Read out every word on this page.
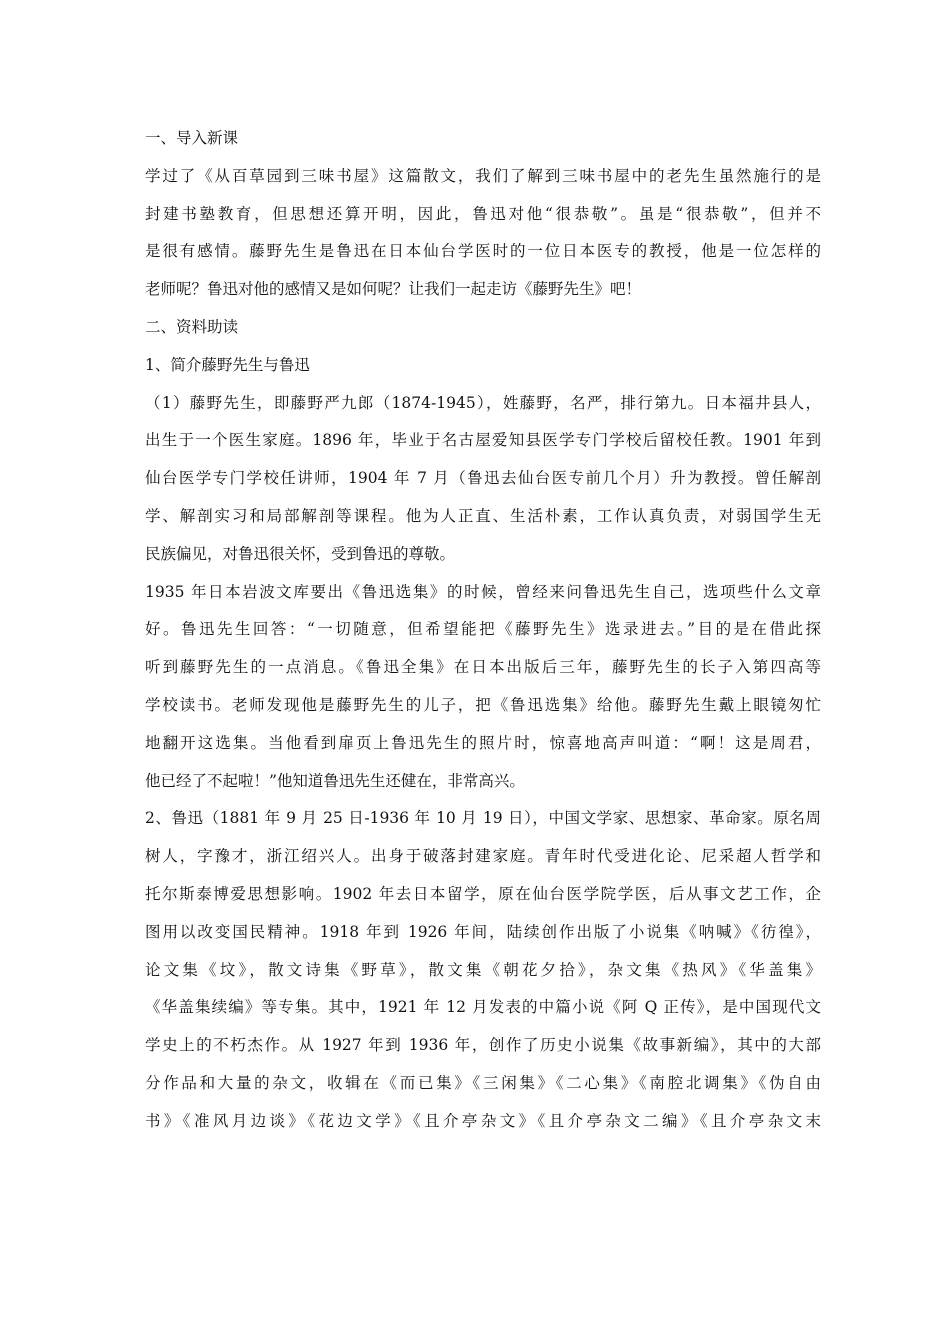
一、导入新课
学过了《从百草园到三味书屋》这篇散文，我们了解到三味书屋中的老先生虽然施行的是
封建书塾教育，但思想还算开明，因此，鲁迅对他“很恭敬”。虽是“很恭敬”，但并不
是很有感情。藤野先生是鲁迅在日本仙台学医时的一位日本医专的教授，他是一位怎样的
老师呢？鲁迅对他的感情又是如何呢？让我们一起走访《藤野先生》吧！
二、资料助读
1、简介藤野先生与鲁迅
（1）藤野先生，即藤野严九郎（1874-1945），姓藤野，名严，排行第九。日本福井县人，
出生于一个医生家庭。1896 年，毕业于名古屋爱知县医学专门学校后留校任教。1901 年到
仙台医学专门学校任讲师，1904 年 7 月（鲁迅去仙台医专前几个月）升为教授。曾任解剖
学、解剖实习和局部解剖等课程。他为人正直、生活朴素，工作认真负责，对弱国学生无
民族偏见，对鲁迅很关怀，受到鲁迅的尊敬。
1935 年日本岩波文库要出《鲁迅选集》的时候，曾经来问鲁迅先生自己，选项些什么文章
好。鲁迅先生回答：“一切随意，但希望能把《藤野先生》选录进去。”目的是在借此探
听到藤野先生的一点消息。《鲁迅全集》在日本出版后三年，藤野先生的长子入第四高等
学校读书。老师发现他是藤野先生的儿子，把《鲁迅选集》给他。藤野先生戴上眼镜匆忙
地翻开这选集。当他看到扉页上鲁迅先生的照片时，惊喜地高声叫道：“啊！这是周君，
他已经了不起啦！”他知道鲁迅先生还健在，非常高兴。
2、鲁迅（1881 年 9 月 25 日-1936 年 10 月 19 日），中国文学家、思想家、革命家。原名周
树人，字豫才，浙江绍兴人。出身于破落封建家庭。青年时代受进化论、尼采超人哲学和
托尔斯泰博爱思想影响。1902 年去日本留学，原在仙台医学院学医，后从事文艺工作，企
图用以改变国民精神。1918 年到 1926 年间，陆续创作出版了小说集《呐喊》《彷徨》，
论文集《坟》，散文诗集《野草》，散文集《朝花夕拾》，杂文集《热风》《华盖集》
《华盖集续编》等专集。其中，1921 年 12 月发表的中篇小说《阿 Q 正传》，是中国现代文
学史上的不朽杰作。从 1927 年到 1936 年，创作了历史小说集《故事新编》，其中的大部
分作品和大量的杂文，收辑在《而已集》《三闲集》《二心集》《南腔北调集》《伪自由
书》《准风月边谈》《花边文学》《且介亭杂文》《且介亭杂文二编》《且介亭杂文末
